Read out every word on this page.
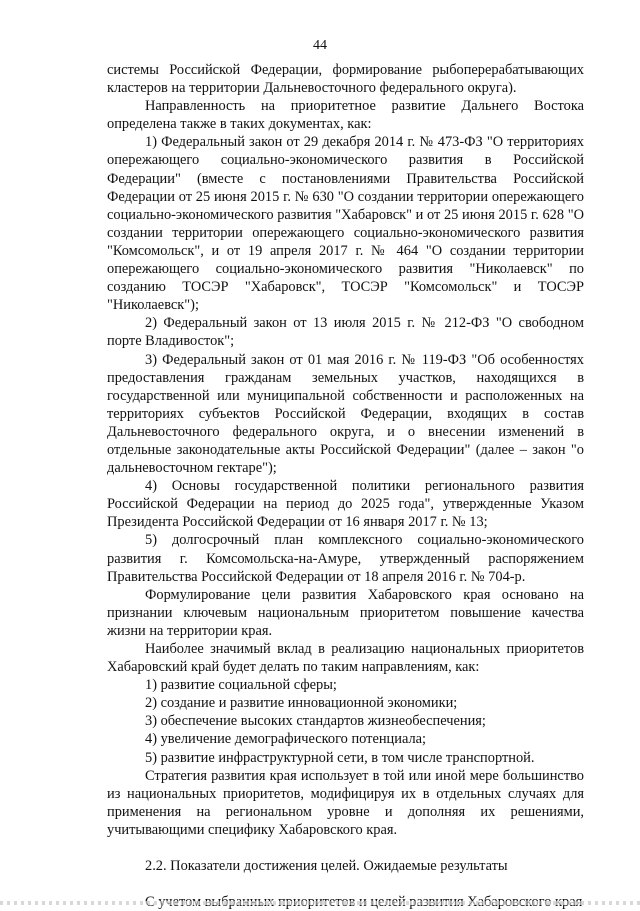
44

системы Российской Федерации, формирование рыбоперерабатывающих кластеров на территории Дальневосточного федерального округа).

Направленность на приоритетное развитие Дальнего Востока определена также в таких документах, как:

1) Федеральный закон от 29 декабря 2014 г. № 473-ФЗ "О территориях опережающего социально-экономического развития в Российской Федерации" (вместе с постановлениями Правительства Российской Федерации от 25 июня 2015 г. № 630 "О создании территории опережающего социально-экономического развития "Хабаровск" и от 25 июня 2015 г. 628 "О создании территории опережающего социально-экономического развития "Комсомольск", и от 19 апреля 2017 г. № 464 "О создании территории опережающего социально-экономического развития "Николаевск" по созданию ТОСЭР "Хабаровск", ТОСЭР "Комсомольск" и ТОСЭР "Николаевск");

2) Федеральный закон от 13 июля 2015 г. № 212-ФЗ "О свободном порте Владивосток";

3) Федеральный закон от 01 мая 2016 г. № 119-ФЗ "Об особенностях предоставления гражданам земельных участков, находящихся в государственной или муниципальной собственности и расположенных на территориях субъектов Российской Федерации, входящих в состав Дальневосточного федерального округа, и о внесении изменений в отдельные законодательные акты Российской Федерации" (далее – закон "о дальневосточном гектаре");

4) Основы государственной политики регионального развития Российской Федерации на период до 2025 года", утвержденные Указом Президента Российской Федерации от 16 января 2017 г. № 13;

5) долгосрочный план комплексного социально-экономического развития г. Комсомольска-на-Амуре, утвержденный распоряжением Правительства Российской Федерации от 18 апреля 2016 г. № 704-р.

Формулирование цели развития Хабаровского края основано на признании ключевым национальным приоритетом повышение качества жизни на территории края.

Наиболее значимый вклад в реализацию национальных приоритетов Хабаровский край будет делать по таким направлениям, как:

1) развитие социальной сферы;

2) создание и развитие инновационной экономики;

3) обеспечение высоких стандартов жизнеобеспечения;

4) увеличение демографического потенциала;

5) развитие инфраструктурной сети, в том числе транспортной.

Стратегия развития края использует в той или иной мере большинство из национальных приоритетов, модифицируя их в отдельных случаях для применения на региональном уровне и дополняя их решениями, учитывающими специфику Хабаровского края.

2.2. Показатели достижения целей. Ожидаемые результаты
